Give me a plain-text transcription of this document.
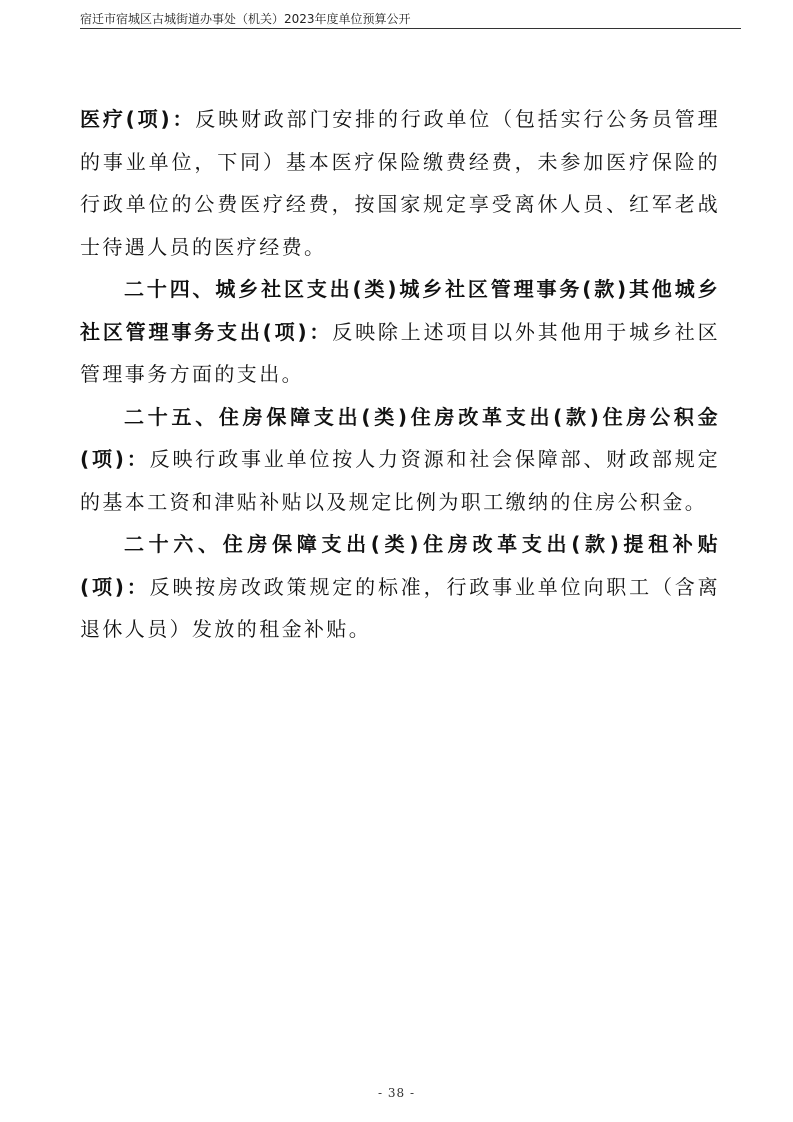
宿迁市宿城区古城街道办事处（机关）2023年度单位预算公开

医疗(项)：反映财政部门安排的行政单位（包括实行公务员管理的事业单位，下同）基本医疗保险缴费经费，未参加医疗保险的行政单位的公费医疗经费，按国家规定享受离休人员、红军老战士待遇人员的医疗经费。

二十四、城乡社区支出(类)城乡社区管理事务(款)其他城乡社区管理事务支出(项)：反映除上述项目以外其他用于城乡社区管理事务方面的支出。

二十五、住房保障支出(类)住房改革支出(款)住房公积金(项)：反映行政事业单位按人力资源和社会保障部、财政部规定的基本工资和津贴补贴以及规定比例为职工缴纳的住房公积金。

二十六、住房保障支出(类)住房改革支出(款)提租补贴(项)：反映按房改政策规定的标准，行政事业单位向职工（含离退休人员）发放的租金补贴。

- 38 -
